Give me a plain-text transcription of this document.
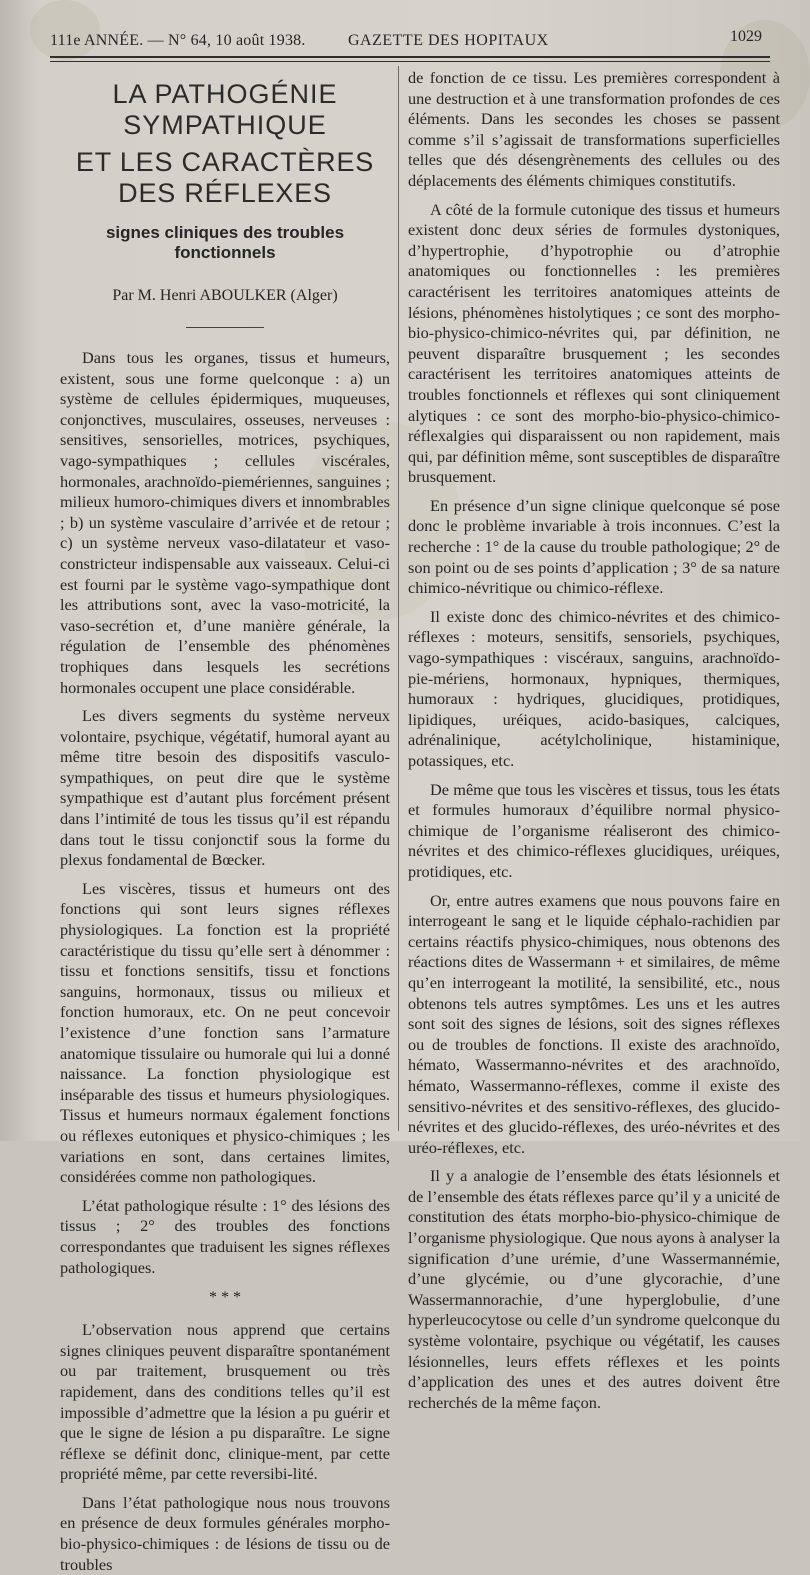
111e ANNÉE. — N° 64, 10 août 1938.	GAZETTE DES HOPITAUX	1029
LA PATHOGÉNIE SYMPATHIQUE
ET LES CARACTÈRES DES RÉFLEXES
signes cliniques des troubles fonctionnels
Par M. Henri ABOULKER (Alger)

Dans tous les organes, tissus et humeurs, existent, sous une forme quelconque : a) un système de cellules épidermiques, muqueuses, conjonctives, musculaires, osseuses, nerveuses : sensitives, sensorielles, motrices, psychiques, vago-sympathiques ; cellules viscérales, hormonales, arachnoïdo-piemériennes, sanguines ; milieux humoro-chimiques divers et innombrables ; b) un système vasculaire d’arrivée et de retour ; c) un système nerveux vaso-dilatateur et vaso-constricteur indispensable aux vaisseaux. Celui-ci est fourni par le système vago-sympathique dont les attributions sont, avec la vaso-motricité, la vaso-secrétion et, d’une manière générale, la régulation de l’ensemble des phénomènes trophiques dans lesquels les secrétions hormonales occupent une place considérable.

Les divers segments du système nerveux volontaire, psychique, végétatif, humoral ayant au même titre besoin des dispositifs vasculo-sympathiques, on peut dire que le système sympathique est d’autant plus forcément présent dans l’intimité de tous les tissus qu’il est répandu dans tout le tissu conjonctif sous la forme du plexus fondamental de Bœcker.

Les viscères, tissus et humeurs ont des fonctions qui sont leurs signes réflexes physiologiques. La fonction est la propriété caractéristique du tissu qu’elle sert à dénommer : tissu et fonctions sensitifs, tissu et fonctions sanguins, hormonaux, tissus ou milieux et fonction humoraux, etc. On ne peut concevoir l’existence d’une fonction sans l’armature anatomique tissulaire ou humorale qui lui a donné naissance. La fonction physiologique est inséparable des tissus et humeurs physiologiques. Tissus et humeurs normaux également fonctions ou réflexes eutoniques et physico-chimiques ; les variations en sont, dans certaines limites, considérées comme non pathologiques.

L’état pathologique résulte : 1° des lésions des tissus ; 2° des troubles des fonctions correspondantes que traduisent les signes réflexes pathologiques.

* * *

L’observation nous apprend que certains signes cliniques peuvent disparaître spontanément ou par traitement, brusquement ou très rapidement, dans des conditions telles qu’il est impossible d’admettre que la lésion a pu guérir et que le signe de lésion a pu disparaître. Le signe réflexe se définit donc, clinique-ment, par cette propriété même, par cette reversibi-lité.

Dans l’état pathologique nous nous trouvons en présence de deux formules générales morpho-bio-physico-chimiques : de lésions de tissu ou de troubles

de fonction de ce tissu. Les premières correspondent à une destruction et à une transformation profondes de ces éléments. Dans les secondes les choses se passent comme s’il s’agissait de transformations superficielles telles que dés désengrènements des cellules ou des déplacements des éléments chimiques constitutifs.

A côté de la formule cutonique des tissus et humeurs existent donc deux séries de formules dystoniques, d’hypertrophie, d’hypotrophie ou d’atrophie anatomiques ou fonctionnelles : les premières caractérisent les territoires anatomiques atteints de lésions, phénomènes histolytiques ; ce sont des morpho-bio-physico-chimico-névrites qui, par définition, ne peuvent disparaître brusquement ; les secondes caractérisent les territoires anatomiques atteints de troubles fonctionnels et réflexes qui sont cliniquement alytiques : ce sont des morpho-bio-physico-chimico-réflexalgies qui disparaissent ou non rapidement, mais qui, par définition même, sont susceptibles de disparaître brusquement.

En présence d’un signe clinique quelconque sé pose donc le problème invariable à trois inconnues. C’est la recherche : 1° de la cause du trouble pathologique; 2° de son point ou de ses points d’application ; 3° de sa nature chimico-névritique ou chimico-réflexe.

Il existe donc des chimico-névrites et des chimico-réflexes : moteurs, sensitifs, sensoriels, psychiques, vago-sympathiques : viscéraux, sanguins, arachnoïdo-pie-mériens, hormonaux, hypniques, thermiques, humoraux : hydriques, glucidiques, protidiques, lipidiques, uréiques, acido-basiques, calciques, adrénalinique, acétylcholinique, histaminique, potassiques, etc.

De même que tous les viscères et tissus, tous les états et formules humoraux d’équilibre normal physico-chimique de l’organisme réaliseront des chimico-névrites et des chimico-réflexes glucidiques, uréiques, protidiques, etc.

Or, entre autres examens que nous pouvons faire en interrogeant le sang et le liquide céphalo-rachidien par certains réactifs physico-chimiques, nous obtenons des réactions dites de Wassermann + et similaires, de même qu’en interrogeant la motilité, la sensibilité, etc., nous obtenons tels autres symptômes. Les uns et les autres sont soit des signes de lésions, soit des signes réflexes ou de troubles de fonctions. Il existe des arachnoïdo, hémato, Wassermanno-névrites et des arachnoïdo, hémato, Wassermanno-réflexes, comme il existe des sensitivo-névrites et des sensitivo-réflexes, des glucido-névrites et des glucido-réflexes, des uréo-névrites et des uréo-réflexes, etc.

Il y a analogie de l’ensemble des états lésionnels et de l’ensemble des états réflexes parce qu’il y a unicité de constitution des états morpho-bio-physico-chimique de l’organisme physiologique. Que nous ayons à analyser la signification d’une urémie, d’une Wassermannémie, d’une glycémie, ou d’une glycorachie, d’une Wassermannorachie, d’une hyperglobulie, d’une hyperleucocytose ou celle d’un syndrome quelconque du système volontaire, psychique ou végétatif, les causes lésionnelles, leurs effets réflexes et les points d’application des unes et des autres doivent être recherchés de la même façon.
